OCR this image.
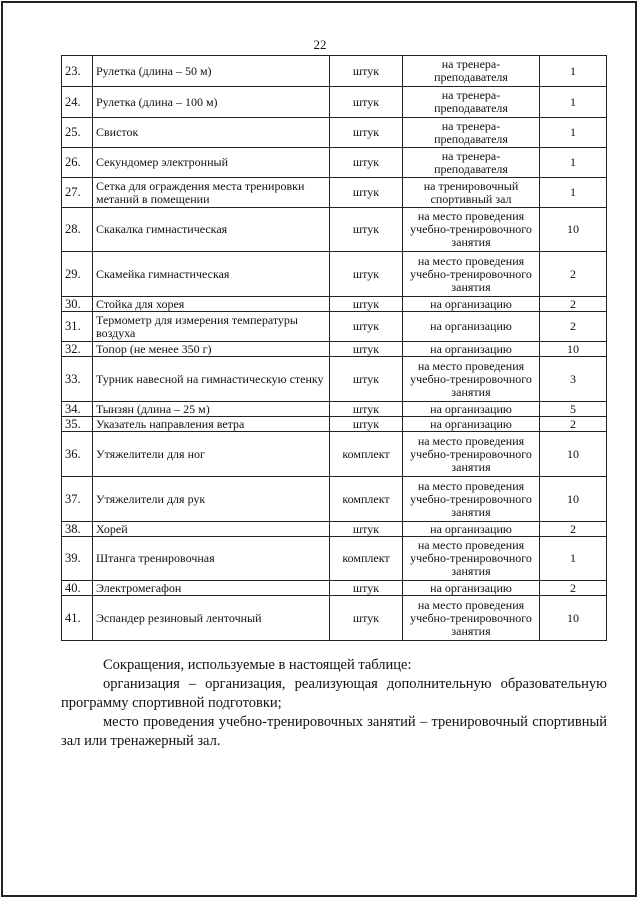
22
23.	Рулетка (длина – 50 м)	штук	на тренера-преподавателя	1
24.	Рулетка (длина – 100 м)	штук	на тренера-преподавателя	1
25.	Свисток	штук	на тренера-преподавателя	1
26.	Секундомер электронный	штук	на тренера-преподавателя	1
27.	Сетка для ограждения места тренировки метаний в помещении	штук	на тренировочный спортивный зал	1
28.	Скакалка гимнастическая	штук	на место проведения учебно-тренировочного занятия	10
29.	Скамейка гимнастическая	штук	на место проведения учебно-тренировочного занятия	2
30.	Стойка для хорея	штук	на организацию	2
31.	Термометр для измерения температуры воздуха	штук	на организацию	2
32.	Топор (не менее 350 г)	штук	на организацию	10
33.	Турник навесной на гимнастическую стенку	штук	на место проведения учебно-тренировочного занятия	3
34.	Тынзян (длина – 25 м)	штук	на организацию	5
35.	Указатель направления ветра	штук	на организацию	2
36.	Утяжелители для ног	комплект	на место проведения учебно-тренировочного занятия	10
37.	Утяжелители для рук	комплект	на место проведения учебно-тренировочного занятия	10
38.	Хорей	штук	на организацию	2
39.	Штанга тренировочная	комплект	на место проведения учебно-тренировочного занятия	1
40.	Электромегафон	штук	на организацию	2
41.	Эспандер резиновый ленточный	штук	на место проведения учебно-тренировочного занятия	10

Сокращения, используемые в настоящей таблице:

организация – организация, реализующая дополнительную образовательную программу спортивной подготовки;

место проведения учебно-тренировочных занятий – тренировочный спортивный зал или тренажерный зал.
